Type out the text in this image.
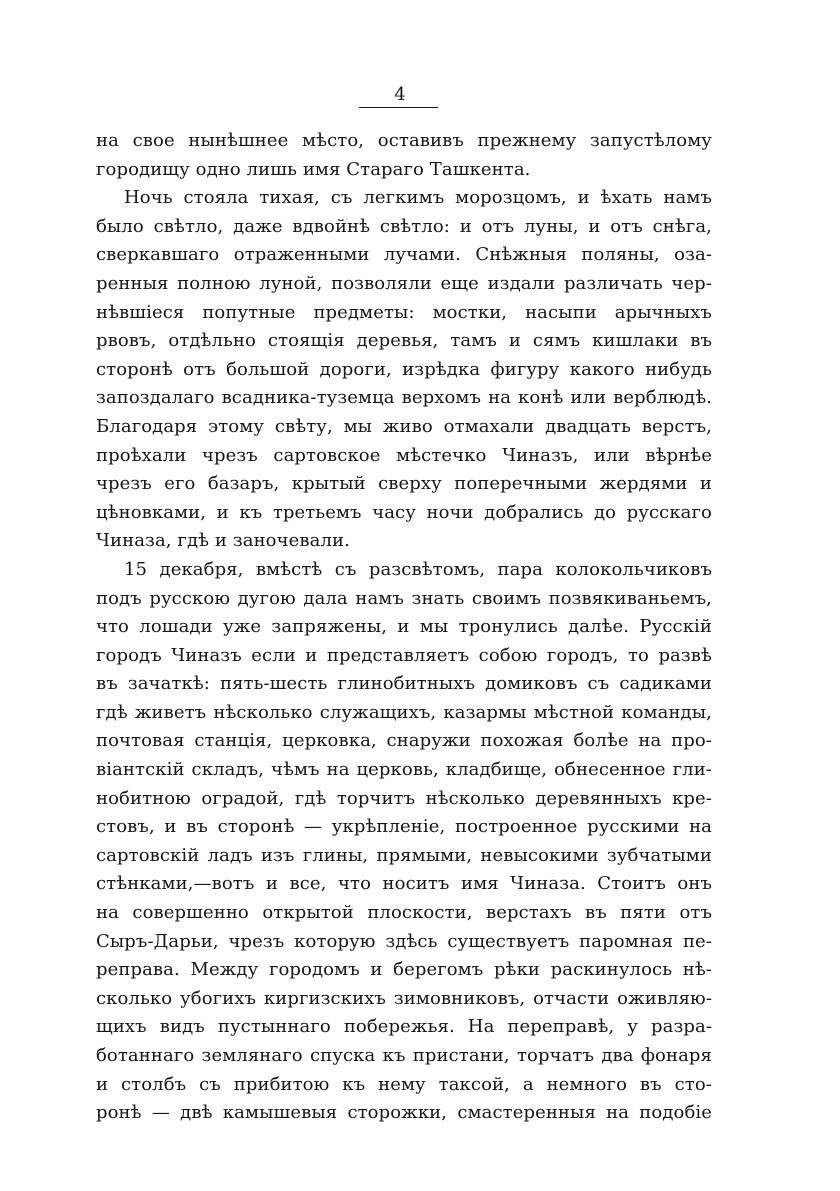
4
на свое нынѣшнее мѣсто, оставивъ прежнему запустѣлому
городищу одно лишь имя Стараго Ташкента.
Ночь стояла тихая, съ легкимъ морозцомъ, и ѣхать намъ
было свѣтло, даже вдвойнѣ свѣтло: и отъ луны, и отъ снѣга,
сверкавшаго отраженными лучами. Снѣжныя поляны, оза-
ренныя полною луной, позволяли еще издали различать чер-
нѣвшіеся попутные предметы: мостки, насыпи арычныхъ
рвовъ, отдѣльно стоящія деревья, тамъ и сямъ кишлаки въ
сторонѣ отъ большой дороги, изрѣдка фигуру какого нибудь
запоздалаго всадника-туземца верхомъ на конѣ или верблюдѣ.
Благодаря этому свѣту, мы живо отмахали двадцать верстъ,
проѣхали чрезъ сартовское мѣстечко Чиназъ, или вѣрнѣе
чрезъ его базаръ, крытый сверху поперечными жердями и
цѣновками, и къ третьемъ часу ночи добрались до русскаго
Чиназа, гдѣ и заночевали.
15 декабря, вмѣстѣ съ разсвѣтомъ, пара колокольчиковъ
подъ русскою дугою дала намъ знать своимъ позвякиваньемъ,
что лошади уже запряжены, и мы тронулись далѣе. Русскій
городъ Чиназъ если и представляетъ собою городъ, то развѣ
въ зачаткѣ: пять-шесть глинобитныхъ домиковъ съ садиками
гдѣ живетъ нѣсколько служащихъ, казармы мѣстной команды,
почтовая станція, церковка, снаружи похожая болѣе на про-
віантскій складъ, чѣмъ на церковь, кладбище, обнесенное гли-
нобитною оградой, гдѣ торчитъ нѣсколько деревянныхъ кре-
стовъ, и въ сторонѣ — укрѣпленіе, построенное русскими на
сартовскій ладъ изъ глины, прямыми, невысокими зубчатыми
стѣнками,—вотъ и все, что носитъ имя Чиназа. Стоитъ онъ
на совершенно открытой плоскости, верстахъ въ пяти отъ
Сыръ-Дарьи, чрезъ которую здѣсь существуетъ паромная пе-
реправа. Между городомъ и берегомъ рѣки раскинулось нѣ-
сколько убогихъ киргизскихъ зимовниковъ, отчасти оживляю-
щихъ видъ пустыннаго побережья. На переправѣ, у разра-
ботаннаго землянаго спуска къ пристани, торчатъ два фонаря
и столбъ съ прибитою къ нему таксой, а немного въ сто-
ронѣ — двѣ камышевыя сторожки, смастеренныя на подобіе
